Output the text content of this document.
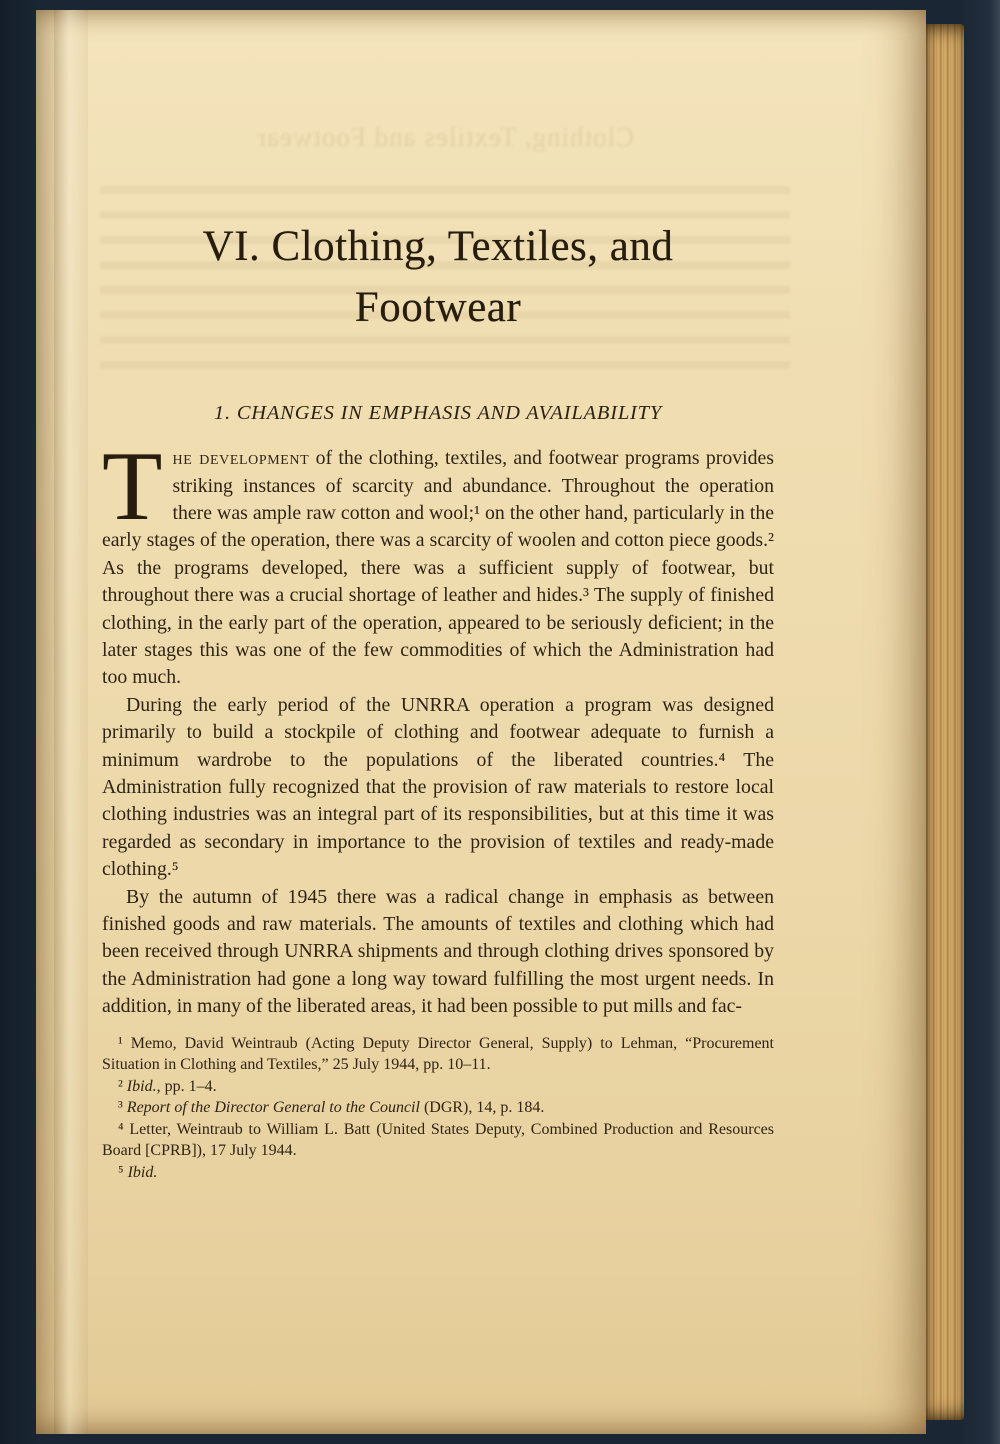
Clothing, Textiles and Footwear
VI. Clothing, Textiles, and
Footwear
1. CHANGES IN EMPHASIS AND AVAILABILITY

T he development of the clothing, textiles, and footwear programs provides striking instances of scarcity and abundance. Throughout the operation there was ample raw cotton and wool;¹ on the other hand, particularly in the early stages of the operation, there was a scarcity of woolen and cotton piece goods.² As the programs developed, there was a sufficient supply of footwear, but throughout there was a crucial shortage of leather and hides.³ The supply of finished clothing, in the early part of the operation, appeared to be seriously deficient; in the later stages this was one of the few commodities of which the Administration had too much.

During the early period of the UNRRA operation a program was designed primarily to build a stockpile of clothing and footwear adequate to furnish a minimum wardrobe to the populations of the liberated countries.⁴ The Administration fully recognized that the provision of raw materials to restore local clothing industries was an integral part of its responsibilities, but at this time it was regarded as secondary in importance to the provision of textiles and ready-made clothing.⁵

By the autumn of 1945 there was a radical change in emphasis as between finished goods and raw materials. The amounts of textiles and clothing which had been received through UNRRA shipments and through clothing drives sponsored by the Administration had gone a long way toward fulfilling the most urgent needs. In addition, in many of the liberated areas, it had been possible to put mills and fac-

¹ Memo, David Weintraub (Acting Deputy Director General, Supply) to Lehman, “Procurement Situation in Clothing and Textiles,” 25 July 1944, pp. 10–11.

² Ibid., pp. 1–4.

³ Report of the Director General to the Council (DGR), 14, p. 184.

⁴ Letter, Weintraub to William L. Batt (United States Deputy, Combined Production and Resources Board [CPRB]), 17 July 1944.

⁵ Ibid.
